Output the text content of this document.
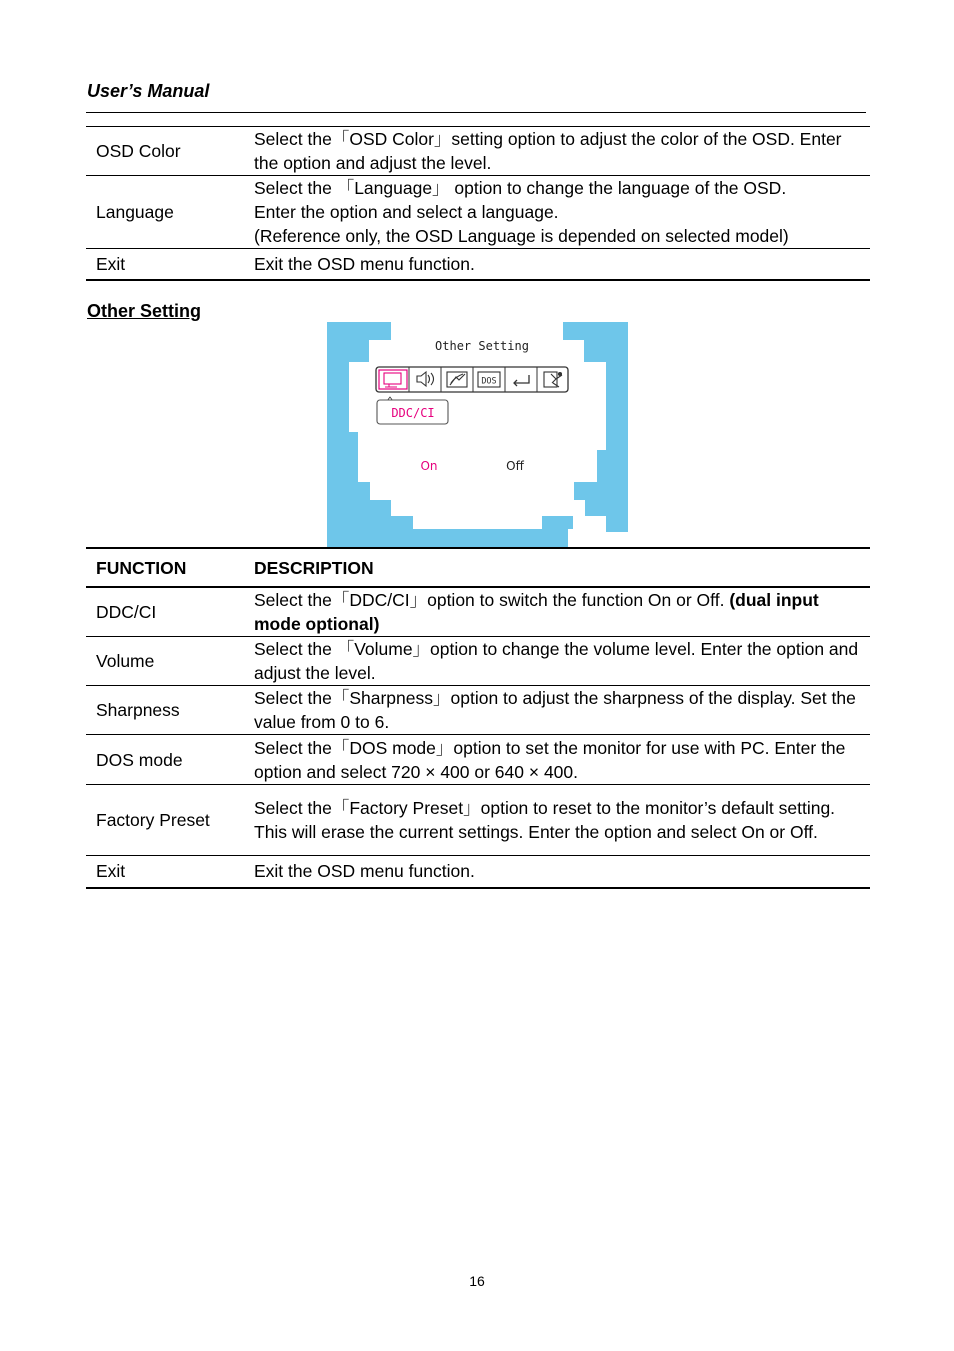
User’s Manual
OSD Color	Select the「OSD Color」setting option to adjust the color of the OSD. Enter the option and adjust the level.
Language	Select the 「Language」 option to change the language of the OSD.
Enter the option and select a language.
(Reference only, the OSD Language is depended on selected model)

Exit	Exit the OSD menu function.
Other Setting
Other Setting
DOS
DDC/CI
On	Off
FUNCTION	DESCRIPTION
DDC/CI	Select the「DDC/CI」option to switch the function On or Off. (dual input mode optional)
Volume	Select the 「Volume」option to change the volume level. Enter the option and adjust the level.
Sharpness	Select the「Sharpness」option to adjust the sharpness of the display. Set the value from 0 to 6.
DOS mode	Select the「DOS mode」option to set the monitor for use with PC. Enter the option and select 720 × 400 or 640 × 400.
Factory Preset	Select the「Factory Preset」option to reset to the monitor’s default setting. This will erase the current settings. Enter the option and select On or Off.
Exit	Exit the OSD menu function.
16
